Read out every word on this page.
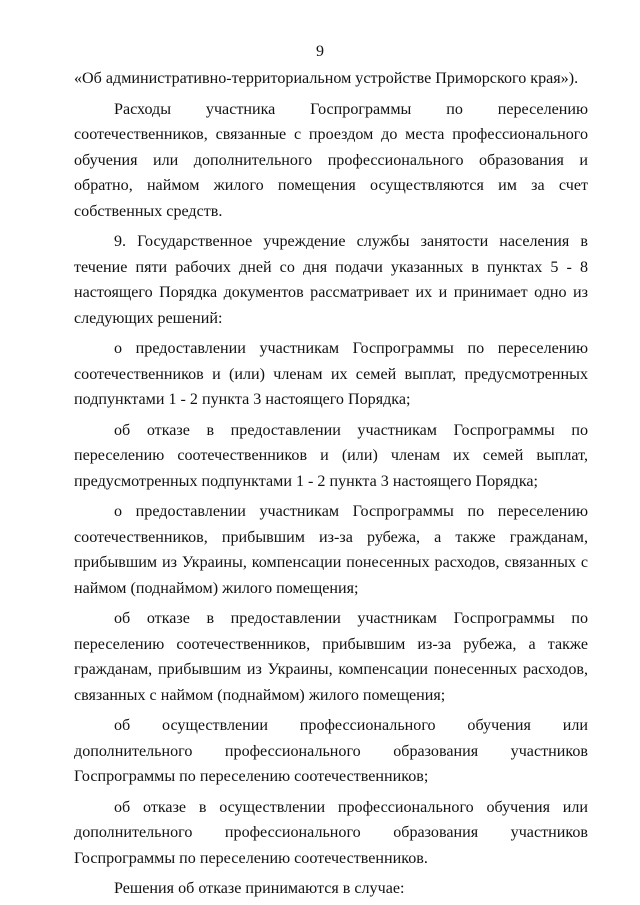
9

«Об административно-территориальном устройстве Приморского края»).

Расходы участника Госпрограммы по переселению соотечественников, связанные с проездом до места профессионального обучения или дополнительного профессионального образования и обратно, наймом жилого помещения осуществляются им за счет собственных средств.

9. Государственное учреждение службы занятости населения в течение пяти рабочих дней со дня подачи указанных в пунктах 5 - 8 настоящего Порядка документов рассматривает их и принимает одно из следующих решений:

о предоставлении участникам Госпрограммы по переселению соотечественников и (или) членам их семей выплат, предусмотренных подпунктами 1 - 2 пункта 3 настоящего Порядка;

об отказе в предоставлении участникам Госпрограммы по переселению соотечественников и (или) членам их семей выплат, предусмотренных подпунктами 1 - 2 пункта 3 настоящего Порядка;

о предоставлении участникам Госпрограммы по переселению соотечественников, прибывшим из-за рубежа, а также гражданам, прибывшим из Украины, компенсации понесенных расходов, связанных с наймом (поднаймом) жилого помещения;

об отказе в предоставлении участникам Госпрограммы по переселению соотечественников, прибывшим из-за рубежа, а также гражданам, прибывшим из Украины, компенсации понесенных расходов, связанных с наймом (поднаймом) жилого помещения;

об осуществлении профессионального обучения или дополнительного профессионального образования участников Госпрограммы по переселению соотечественников;

об отказе в осуществлении профессионального обучения или дополнительного профессионального образования участников Госпрограммы по переселению соотечественников.

Решения об отказе принимаются в случае:
